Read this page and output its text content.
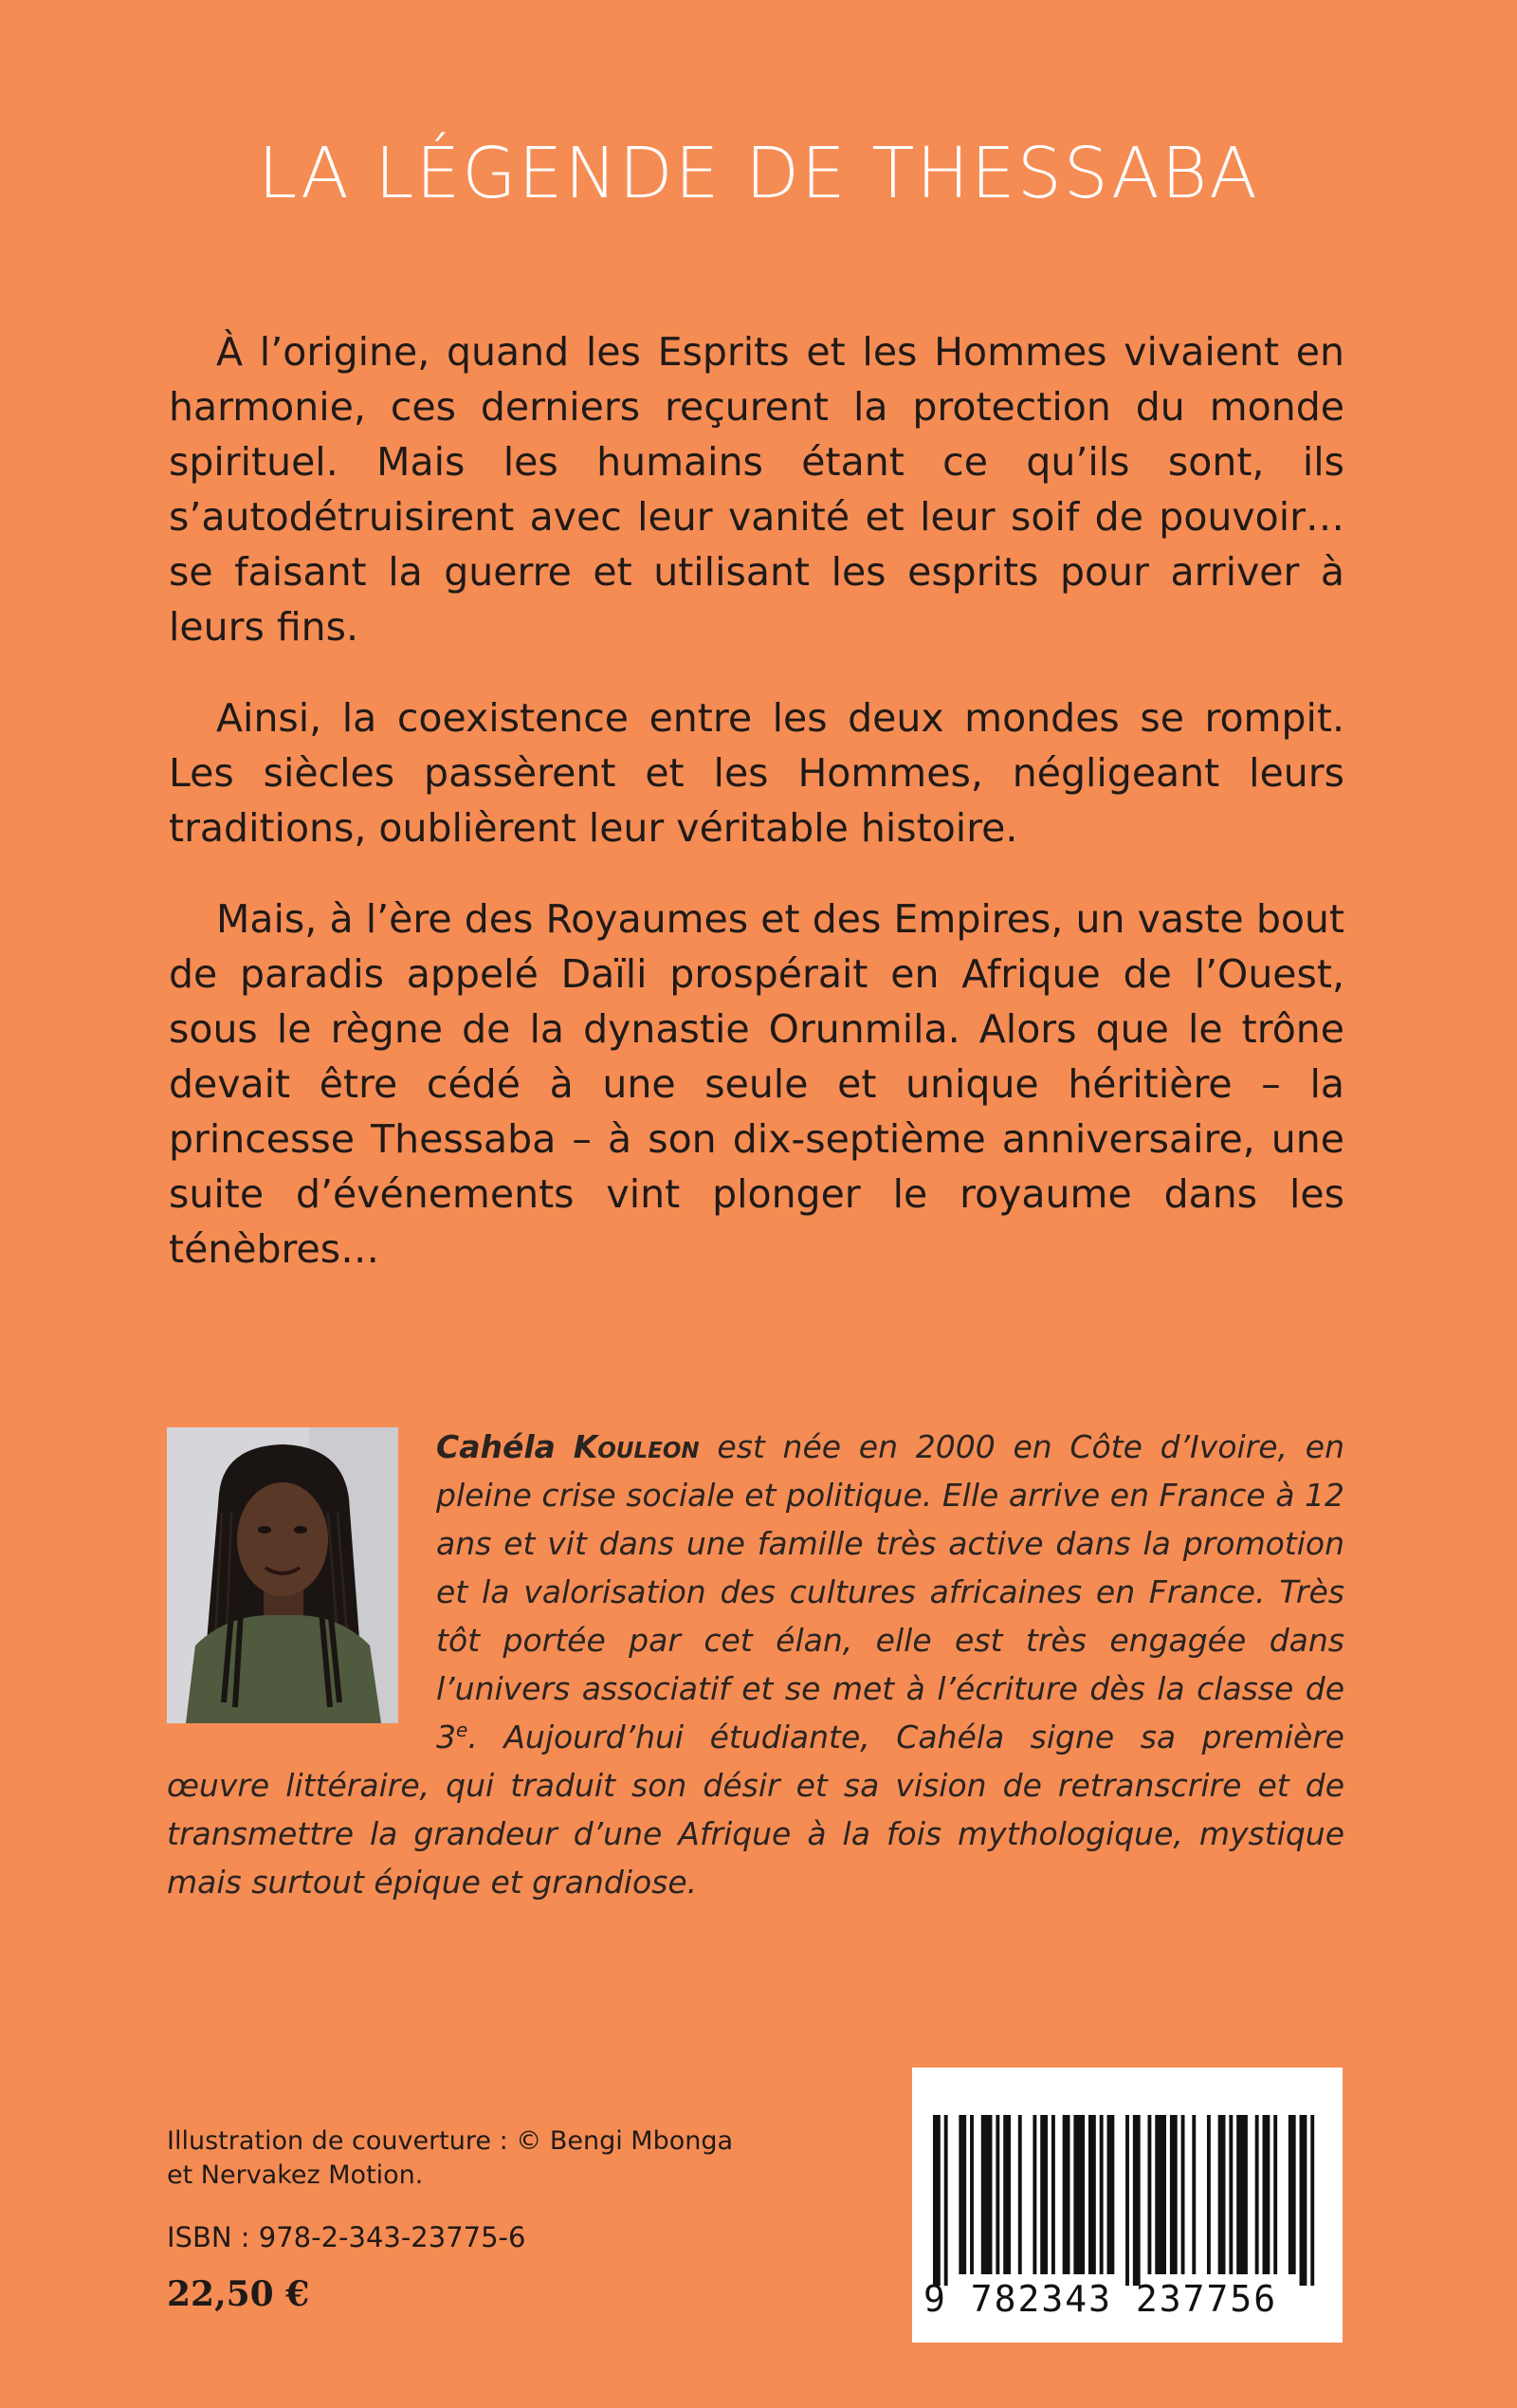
LA LÉGENDE DE THESSABA

À l’origine, quand les Esprits et les Hommes vivaient en harmonie, ces derniers reçurent la protection du monde spirituel. Mais les humains étant ce qu’ils sont, ils s’autodétruisirent avec leur vanité et leur soif de pouvoir… se faisant la guerre et utilisant les esprits pour arriver à leurs fins.

Ainsi, la coexistence entre les deux mondes se rompit. Les siècles passèrent et les Hommes, négligeant leurs traditions, oublièrent leur véritable histoire.

Mais, à l’ère des Royaumes et des Empires, un vaste bout de paradis appelé Daïli prospérait en Afrique de l’Ouest, sous le règne de la dynastie Orunmila. Alors que le trône devait être cédé à une seule et unique héritière – la princesse Thessaba – à son dix-septième anniversaire, une suite d’événements vint plonger le royaume dans les ténèbres…

Cahéla Kouleon est née en 2000 en Côte d’Ivoire, en pleine crise sociale et politique. Elle arrive en France à 12 ans et vit dans une famille très active dans la promotion et la valorisation des cultures africaines en France. Très tôt portée par cet élan, elle est très engagée dans l’univers associatif et se met à l’écriture dès la classe de 3e. Aujourd’hui étudiante, Cahéla signe sa première œuvre littéraire, qui traduit son désir et sa vision de retranscrire et de transmettre la grandeur d’une Afrique à la fois mythologique, mystique mais surtout épique et grandiose.
Illustration de couverture : © Bengi Mbonga
et Nervakez Motion.
ISBN : 978-2-343-23775-6
22,50 €	9 782343 237756
